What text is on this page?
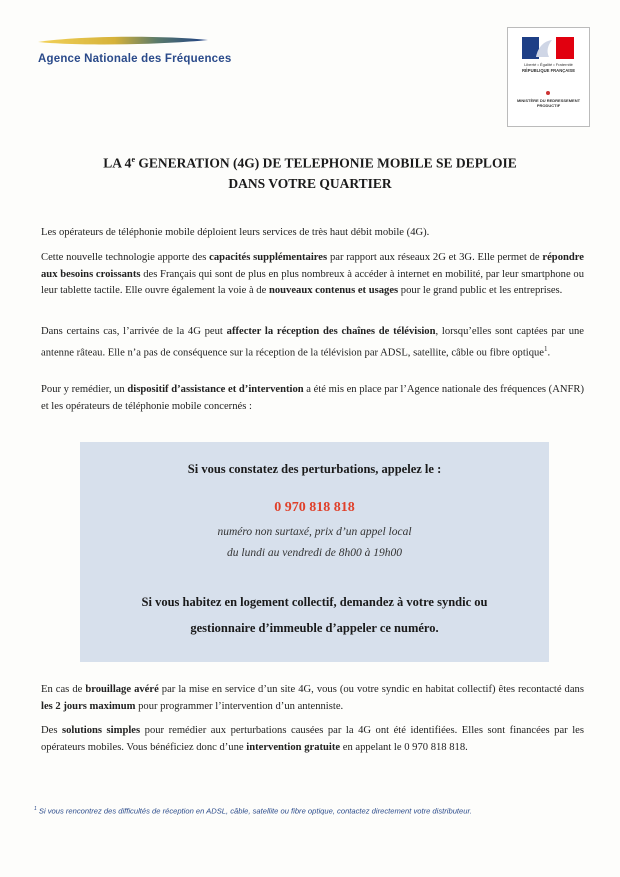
Agence Nationale des Fréquences	Liberté • Égalité • Fraternité
RÉPUBLIQUE FRANÇAISE
MINISTÈRE DU REDRESSEMENT PRODUCTIF
LA 4e GENERATION (4G) DE TELEPHONIE MOBILE SE DEPLOIE
DANS VOTRE QUARTIER
Les opérateurs de téléphonie mobile déploient leurs services de très haut débit mobile (4G).
Cette nouvelle technologie apporte des capacités supplémentaires par rapport aux réseaux 2G et 3G. Elle permet de répondre aux besoins croissants des Français qui sont de plus en plus nombreux à accéder à internet en mobilité, par leur smartphone ou leur tablette tactile. Elle ouvre également la voie à de nouveaux contenus et usages pour le grand public et les entreprises.
Dans certains cas, l’arrivée de la 4G peut affecter la réception des chaînes de télévision, lorsqu’elles sont captées par une antenne râteau. Elle n’a pas de conséquence sur la réception de la télévision par ADSL, satellite, câble ou fibre optique$^1$.
Pour y remédier, un dispositif d’assistance et d’intervention a été mis en place par l’Agence nationale des fréquences (ANFR) et les opérateurs de téléphonie mobile concernés :
Si vous constatez des perturbations, appelez le :
0 970 818 818
numéro non surtaxé, prix d’un appel local
du lundi au vendredi de 8h00 à 19h00
Si vous habitez en logement collectif, demandez à votre syndic ou
gestionnaire d’immeuble d’appeler ce numéro.
En cas de brouillage avéré par la mise en service d’un site 4G, vous (ou votre syndic en habitat collectif) êtes recontacté dans les 2 jours maximum pour programmer l’intervention d’un antenniste.
Des solutions simples pour remédier aux perturbations causées par la 4G ont été identifiées. Elles sont financées par les opérateurs mobiles. Vous bénéficiez donc d’une intervention gratuite en appelant le 0 970 818 818.
$^1$ Si vous rencontrez des difficultés de réception en ADSL, câble, satellite ou fibre optique, contactez directement votre distributeur.
